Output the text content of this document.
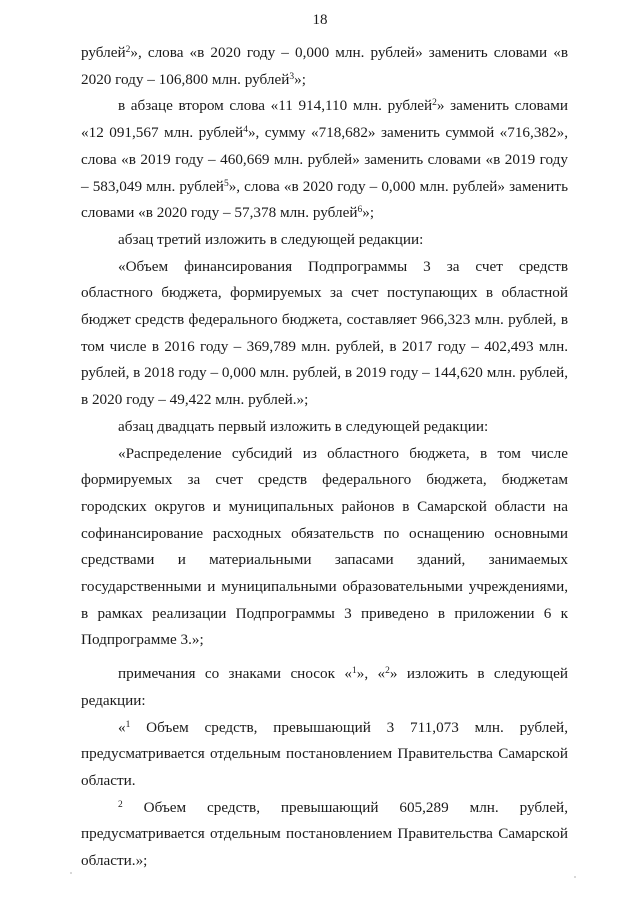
18

рублей$^2$», слова «в 2020 году – 0,000 млн. рублей» заменить словами «в 2020 году – 106,800 млн. рублей$^3$»;

в абзаце втором слова «11 914,110 млн. рублей$^2$» заменить словами «12 091,567 млн. рублей$^4$», сумму «718,682» заменить суммой «716,382», слова «в 2019 году – 460,669 млн. рублей» заменить словами «в 2019 году – 583,049 млн. рублей$^5$», слова «в 2020 году – 0,000 млн. рублей» заменить словами «в 2020 году – 57,378 млн. рублей$^6$»;

абзац третий изложить в следующей редакции:

«Объем финансирования Подпрограммы 3 за счет средств областного бюджета, формируемых за счет поступающих в областной бюджет средств федерального бюджета, составляет 966,323 млн. рублей, в том числе в 2016 году – 369,789 млн. рублей, в 2017 году – 402,493 млн. рублей, в 2018 году – 0,000 млн. рублей, в 2019 году – 144,620 млн. рублей, в 2020 году – 49,422 млн. рублей.»;

абзац двадцать первый изложить в следующей редакции:

«Распределение субсидий из областного бюджета, в том числе формируемых за счет средств федерального бюджета, бюджетам городских округов и муниципальных районов в Самарской области на софинансирование расходных обязательств по оснащению основными средствами и материальными запасами зданий, занимаемых государственными и муниципальными образовательными учреждениями, в рамках реализации Подпрограммы 3 приведено в приложении 6 к Подпрограмме 3.»;

примечания со знаками сносок «$^1$», «$^2$» изложить в следующей редакции:

«$^1$ Объем средств, превышающий 3 711,073 млн. рублей, предусматривается отдельным постановлением Правительства Самарской области.

$^2$ Объем средств, превышающий 605,289 млн. рублей, предусматривается отдельным постановлением Правительства Самарской области.»;
